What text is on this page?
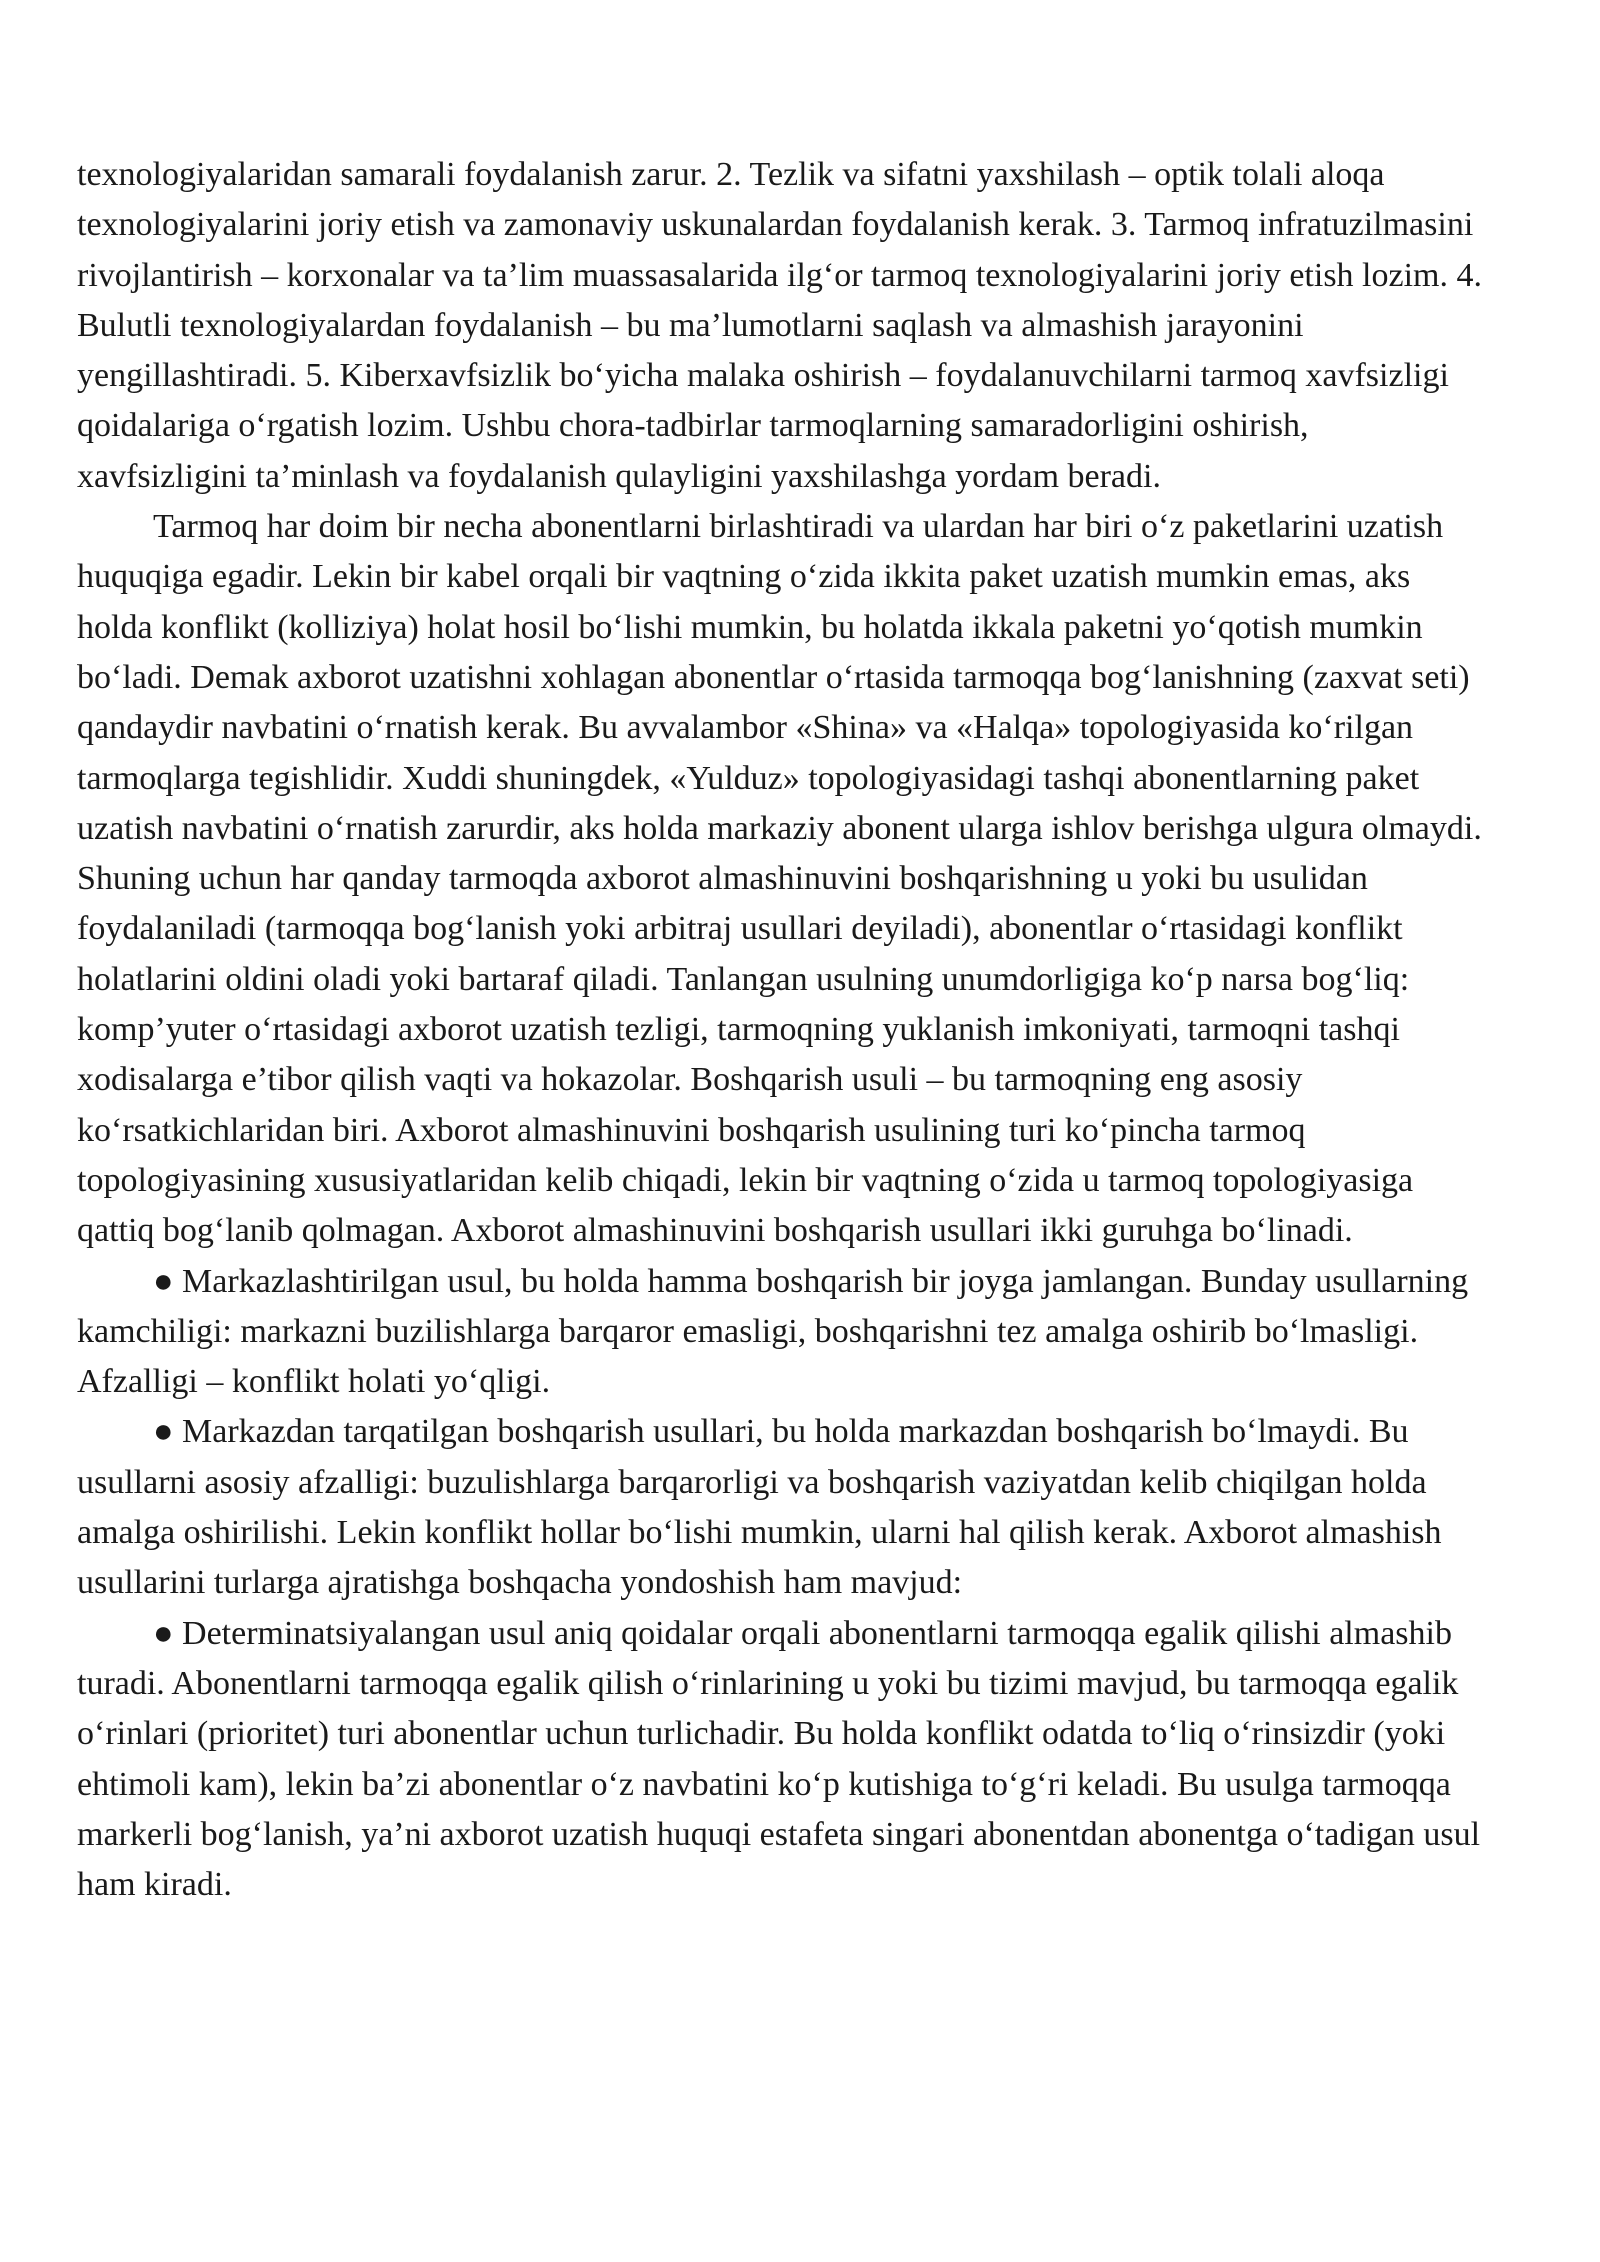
texnologiyalaridan samarali foydalanish zarur. 2. Tezlik va sifatni yaxshilash – optik tolali aloqa texnologiyalarini joriy etish va zamonaviy uskunalardan foydalanish kerak. 3. Tarmoq infratuzilmasini rivojlantirish – korxonalar va ta’lim muassasalarida ilg‘or tarmoq texnologiyalarini joriy etish lozim. 4. Bulutli texnologiyalardan foydalanish – bu ma’lumotlarni saqlash va almashish jarayonini yengillashtiradi. 5. Kiberxavfsizlik bo‘yicha malaka oshirish – foydalanuvchilarni tarmoq xavfsizligi qoidalariga o‘rgatish lozim. Ushbu chora-tadbirlar tarmoqlarning samaradorligini oshirish, xavfsizligini ta’minlash va foydalanish qulayligini yaxshilashga yordam beradi.

Tarmoq har doim bir necha abonentlarni birlashtiradi va ulardan har biri o‘z paketlarini uzatish huquqiga egadir. Lekin bir kabel orqali bir vaqtning o‘zida ikkita paket uzatish mumkin emas, aks holda konflikt (kolliziya) holat hosil bo‘lishi mumkin, bu holatda ikkala paketni yo‘qotish mumkin bo‘ladi. Demak axborot uzatishni xohlagan abonentlar o‘rtasida tarmoqqa bog‘lanishning (zaxvat seti) qandaydir navbatini o‘rnatish kerak. Bu avvalambor «Shina» va «Halqa» topologiyasida ko‘rilgan tarmoqlarga tegishlidir. Xuddi shuningdek, «Yulduz» topologiyasidagi tashqi abonentlarning paket uzatish navbatini o‘rnatish zarurdir, aks holda markaziy abonent ularga ishlov berishga ulgura olmaydi. Shuning uchun har qanday tarmoqda axborot almashinuvini boshqarishning u yoki bu usulidan foydalaniladi (tarmoqqa bog‘lanish yoki arbitraj usullari deyiladi), abonentlar o‘rtasidagi konflikt holatlarini oldini oladi yoki bartaraf qiladi. Tanlangan usulning unumdorligiga ko‘p narsa bog‘liq: komp’yuter o‘rtasidagi axborot uzatish tezligi, tarmoqning yuklanish imkoniyati, tarmoqni tashqi xodisalarga e’tibor qilish vaqti va hokazolar. Boshqarish usuli – bu tarmoqning eng asosiy ko‘rsatkichlaridan biri. Axborot almashinuvini boshqarish usulining turi ko‘pincha tarmoq topologiyasining xususiyatlaridan kelib chiqadi, lekin bir vaqtning o‘zida u tarmoq topologiyasiga qattiq bog‘lanib qolmagan. Axborot almashinuvini boshqarish usullari ikki guruhga bo‘linadi.

● Markazlashtirilgan usul, bu holda hamma boshqarish bir joyga jamlangan. Bunday usullarning kamchiligi: markazni buzilishlarga barqaror emasligi, boshqarishni tez amalga oshirib bo‘lmasligi. Afzalligi – konflikt holati yo‘qligi.

● Markazdan tarqatilgan boshqarish usullari, bu holda markazdan boshqarish bo‘lmaydi. Bu usullarni asosiy afzalligi: buzulishlarga barqarorligi va boshqarish vaziyatdan kelib chiqilgan holda amalga oshirilishi. Lekin konflikt hollar bo‘lishi mumkin, ularni hal qilish kerak. Axborot almashish usullarini turlarga ajratishga boshqacha yondoshish ham mavjud:

● Determinatsiyalangan usul aniq qoidalar orqali abonentlarni tarmoqqa egalik qilishi almashib turadi. Abonentlarni tarmoqqa egalik qilish o‘rinlarining u yoki bu tizimi mavjud, bu tarmoqqa egalik o‘rinlari (prioritet) turi abonentlar uchun turlichadir. Bu holda konflikt odatda to‘liq o‘rinsizdir (yoki ehtimoli kam), lekin ba’zi abonentlar o‘z navbatini ko‘p kutishiga to‘g‘ri keladi. Bu usulga tarmoqqa markerli bog‘lanish, ya’ni axborot uzatish huquqi estafeta singari abonentdan abonentga o‘tadigan usul ham kiradi.
